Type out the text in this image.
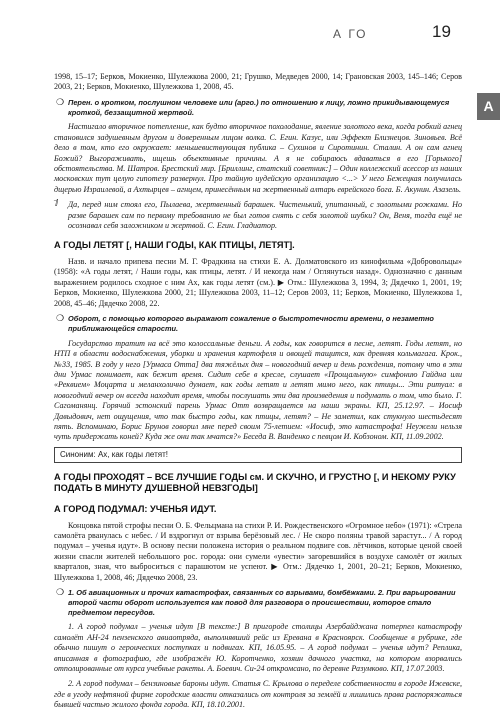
А ГО	19
А

1998, 15–17; Берков, Мокиенко, Шулежкова 2000, 21; Грушко, Медведев 2000, 14; Грановская 2003, 145–146; Серов 2003, 21; Берков, Мокиенко, Шулежкова 1, 2008, 45.

❍ Перен. о кротком, послушном человеке или (арго.) по отношению к лицу, ложно прикидывающемуся кроткой, беззащитной жертвой.

Настигало вторичное потепление, как будто вторичное похолодание, явление золотого века, когда робкий агнец становился задушевным другом и доверенным лицом волка. С. Егин. Казус, или Эффект Близнецов. Зиновьев. Всё дело в том, кто его окружает: меньшевиствующая публика – Сухинов и Сиротинин. Сталин. А он сам агнец Божий? Выгораживать, ищешь объективные причины. А я не собираюсь вдаваться в его [Горького] обстоятельства. М. Шатров. Брестский мир. [Бриллинг, статский советник:] – Один коллежский асессор из наших московских тут целую гипотезу развернул. Про тайную иудейскую организацию <...> У него Бежецкая получилась дщерью Израилевой, а Ахтырцев – агнцем, принесённым на жертвенный алтарь еврейского бога. Б. Акунин. Азазель.

ⅈ⃗ Да, перед ним стоял его, Пылаева, жертвенный барашек. Чистенький, упитанный, с золотыми рожками. Но разве барашек сам по первому требованию не был готов снять с себя золотой шубки? Он, Веня, тогда ещё не осознавал себя заложником и жертвой. С. Егин. Гладиатор.

А ГОДЫ ЛЕТЯТ [, НАШИ ГОДЫ, КАК ПТИЦЫ, ЛЕТЯТ].

Назв. и начало припева песни М. Г. Фрадкина на стихи Е. А. Долматовского из кинофильма «Добровольцы» (1958): «А годы летят, / Наши годы, как птицы, летят. / И некогда нам / Оглянуться назад». Однозначно с данным выражением родилось сходное с ним Ах, как годы летят (см.). ▶ Отм.: Шулежкова 3, 1994, 3; Дядечко 1, 2001, 19; Берков, Мокиенко, Шулежкова 2000, 21; Шулежкова 2003, 11–12; Серов 2003, 11; Берков, Мокиенко, Шулежкова 1, 2008, 45–46; Дядечко 2008, 22.

❍ Оборот, с помощью которого выражают сожаление о быстротечности времени, о незаметно приближающейся старости.

Государство тратит на всё это колоссальные деньги. А годы, как говорится в песне, летят. Годы летят, но НТП в области водоснабжения, уборки и хранения картофеля и овощей тащится, как древняя кольмагага. Крок., №33, 1985. В году у него [Урмаса Отта] два тяжёлых дня – новогодний вечер и день рождения, потому что в эти дни Урмас понимает, как бежит время. Сидит себе в кресле, слушает «Прощальную» симфонию Гайдна или «Реквием» Моцарта и меланхолично думает, как годы летят и летят мимо него, как птицы... Эти ритуал: в новогодний вечер он всегда находит время, чтобы послушать эти два произведения и подумать о том, что было. Г. Сагоманянц. Горячий эстонский парень Урмас Отт возвращается на наши экраны. КП, 25.12.97. – Иосиф Давыдович, нет ощущения, что так быстро годы, как птицы, летят? – Не заметил, как стукнуло шестьдесят пять. Вспоминаю, Борис Брунов говорил мне перед своим 75-летием: «Иосиф, это катастрофа! Неужели нельзя чуть придержать коней? Куда же они так мчатся?» Беседа В. Ванденко с певцом И. Кобзоном. КП, 11.09.2002.

Синоним: Ах, как годы летят!

А ГОДЫ ПРОХОДЯТ – ВСЕ ЛУЧШИЕ ГОДЫ см. И СКУЧНО, И ГРУСТНО [, И НЕКОМУ РУКУ ПОДАТЬ В МИНУТУ ДУШЕВНОЙ НЕВЗГОДЫ]

А ГОРОД ПОДУМАЛ: УЧЕНЬЯ ИДУТ.

Концовка пятой строфы песни О. Б. Фельцмана на стихи Р. И. Рождественского «Огромное небо» (1971): «Стрела самолёта рванулась с небес. / И вздрогнул от взрыва берёзовый лес. / Не скоро поляны травой зарастут... / А город подумал – ученья идут». В основу песни положена история о реальном подвиге сов. лётчиков, которые ценой своей жизни спасли жителей небольшого рос. города: они сумели «увести» загоревшийся в воздухе самолёт от жилых кварталов, зная, что выброситься с парашютом не успеют. ▶ Отм.: Дядечко 1, 2001, 20–21; Берков, Мокиенко, Шулежкова 1, 2008, 46; Дядечко 2008, 23.

❍ 1. Об авиационных и прочих катастрофах, связанных со взрывами, бомбёжками. 2. При варьировании второй части оборот используется как повод для разговора о происшествии, которое стало предметом пересудов.

1. А город подумал – ученья идут [В тексте:] В пригороде столицы Азербайджана потерпел катастрофу самолёт АН-24 пензенского авиаотряда, выполнявший рейс из Еревана в Красноярск. Сообщение в рубрике, где обычно пишут о героических поступках и подвигах. КП, 16.05.95. – А город подумал – ученья идут? Реплика, вписанная в фотографию, где изображён Ю. Коротченко, хозяин дачного участка, на котором взорвались отполированные от курса учебные ракеты. А. Боевич. Си-24 откромсано, по деревне Разумково. КП, 17.07.2003.

2. А город подумал – бензиновые бароны идут. Статья С. Крылова о переделе собственности в городе Ижевске, где в угоду нефтяной фирме городские власти отказались от контроля за землёй и лишились права распоряжаться бывшей частью жилого фонда города. КП, 18.10.2001.
